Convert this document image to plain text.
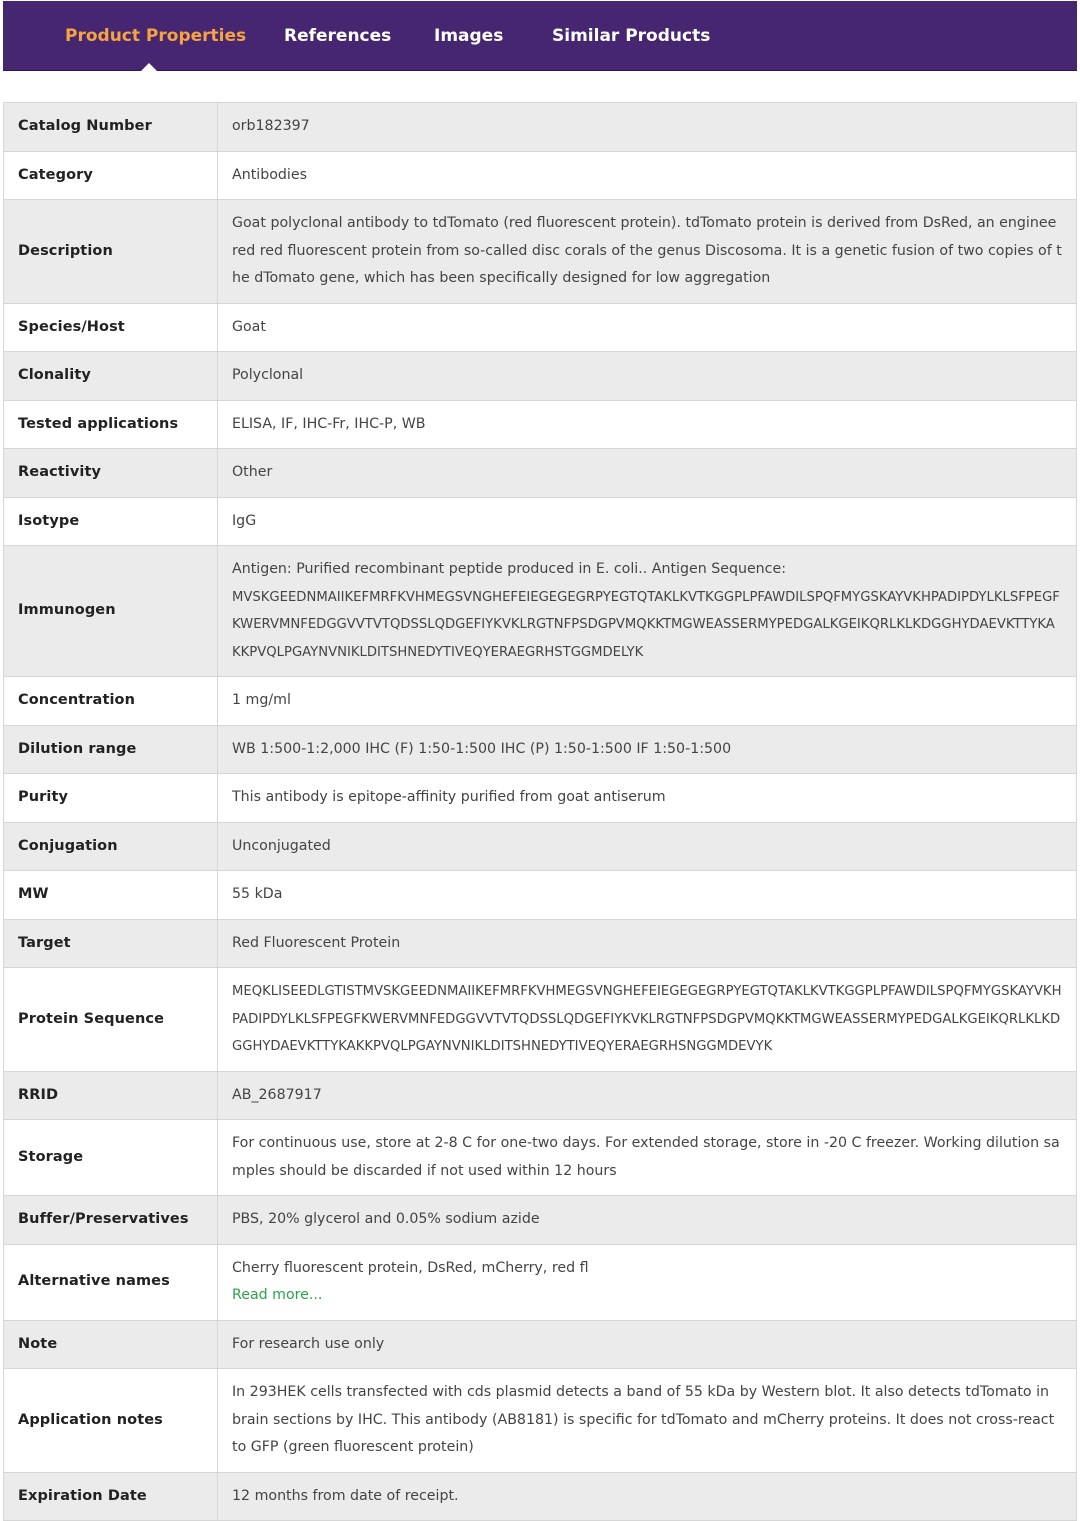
Product Properties References	Images	Similar Products
Catalog Number	orb182397
Category	Antibodies
Description	Goat polyclonal antibody to tdTomato (red fluorescent protein). tdTomato protein is derived from DsRed, an engineered red fluorescent protein from so-called disc corals of the genus Discosoma. It is a genetic fusion of two copies of the dTomato gene, which has been specifically designed for low aggregation
Species/Host	Goat
Clonality	Polyclonal
Tested applications	ELISA, IF, IHC-Fr, IHC-P, WB
Reactivity	Other
Isotype	IgG
Immunogen	Antigen: Purified recombinant peptide produced in E. coli.. Antigen Sequence:
MVSKGEEDNMAIIKEFMRFKVHMEGSVNGHEFEIEGEGEGRPYEGTQTAKLKVTKGGPLPFAWDILSPQFMYGSKAYVKHPADIPDYLKLSFPEGFKWERVMNFEDGGVVTVTQDSSLQDGEFIYKVKLRGTNFPSDGPVMQKKTMGWEASSERMYPEDGALKGEIKQRLKLKDGGHYDAEVKTTYKAKKPVQLPGAYNVNIKLDITSHNEDYTIVEQYERAEGRHSTGGMDELYK
Concentration	1 mg/ml
Dilution range	WB 1:500-1:2,000 IHC (F) 1:50-1:500 IHC (P) 1:50-1:500 IF 1:50-1:500
Purity	This antibody is epitope-affinity purified from goat antiserum
Conjugation	Unconjugated
MW	55 kDa
Target	Red Fluorescent Protein
Protein Sequence	MEQKLISEEDLGTISTMVSKGEEDNMAIIKEFMRFKVHMEGSVNGHEFEIEGEGEGRPYEGTQTAKLKVTKGGPLPFAWDILSPQFMYGSKAYVKHPADIPDYLKLSFPEGFKWERVMNFEDGGVVTVTQDSSLQDGEFIYKVKLRGTNFPSDGPVMQKKTMGWEASSERMYPEDGALKGEIKQRLKLKDGGHYDAEVKTTYKAKKPVQLPGAYNVNIKLDITSHNEDYTIVEQYERAEGRHSNGGMDEVYK
RRID	AB_2687917
Storage	For continuous use, store at 2-8 C for one-two days. For extended storage, store in -20 C freezer. Working dilution samples should be discarded if not used within 12 hours
Buffer/Preservatives	PBS, 20% glycerol and 0.05% sodium azide
Alternative names	Cherry fluorescent protein, DsRed, mCherry, red fl
Read more...

Note	For research use only
Application notes	In 293HEK cells transfected with cds plasmid detects a band of 55 kDa by Western blot. It also detects tdTomato in brain sections by IHC. This antibody (AB8181) is specific for tdTomato and mCherry proteins. It does not cross-react to GFP (green fluorescent protein)
Expiration Date	12 months from date of receipt.
